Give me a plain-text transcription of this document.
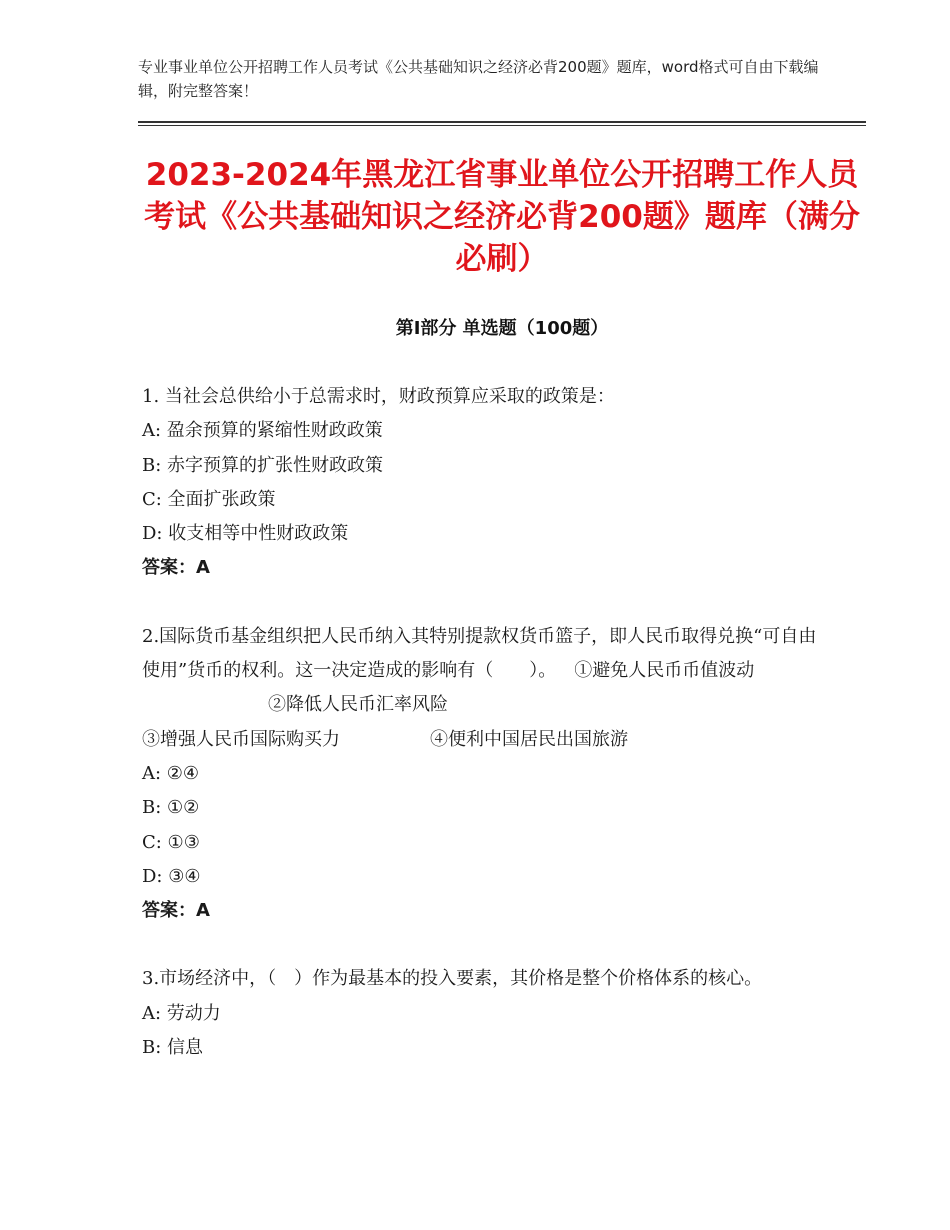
专业事业单位公开招聘工作人员考试《公共基础知识之经济必背200题》题库，word格式可自由下载编辑，附完整答案！
2023-2024年黑龙江省事业单位公开招聘工作人员考试《公共基础知识之经济必背200题》题库（满分必刷）
第Ⅰ部分 单选题（100题）
1. 当社会总供给小于总需求时，财政预算应采取的政策是：
A: 盈余预算的紧缩性财政政策
B: 赤字预算的扩张性财政政策
C: 全面扩张政策
D: 收支相等中性财政政策
答案：A
2.国际货币基金组织把人民币纳入其特别提款权货币篮子，即人民币取得兑换“可自由使用”货币的权利。这一决定造成的影响有（　　）。 ①避免人民币币值波动②降低人民币汇率风险
③增强人民币国际购买力	④便利中国居民出国旅游
A: ②④
B: ①②
C: ①③
D: ③④
答案：A
3.市场经济中，（　）作为最基本的投入要素，其价格是整个价格体系的核心。
A: 劳动力
B: 信息
